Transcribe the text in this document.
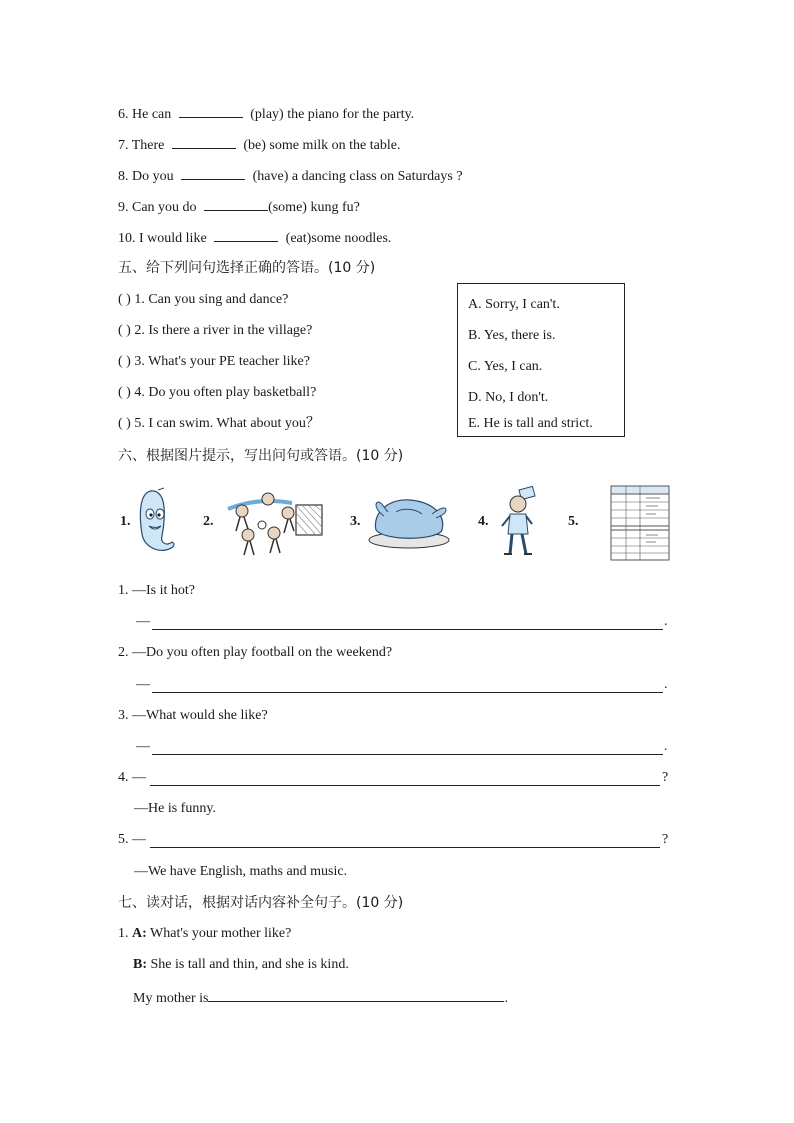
6. He can	(play) the piano for the party.
7. There	(be) some milk on the table.
8. Do you	(have) a dancing class on Saturdays ?
9. Can you do	(some) kung fu?
10. I would like	(eat)some noodles.
五、给下列问句选择正确的答语。(10 分)
( ) 1. Can you sing and dance?
( ) 2. Is there a river in the village?
( ) 3. What's your PE teacher like?
( ) 4. Do you often play basketball?
( ) 5. I can swim. What about you？
A. Sorry, I can't.
B. Yes, there is.
C. Yes, I can.
D. No, I don't.
E. He is tall and strict.
六、根据图片提示，写出问句或答语。(10 分)
1.	2.	3.	4.	5.
1. —Is it hot?
—	.
2. —Do you often play football on the weekend?
—	.
3. —What would she like?
—	.
4. —	?
—He is funny.
5. —	?
—We have English, maths and music.
七、读对话，根据对话内容补全句子。(10 分)
1. A: What's your mother like?
B: She is tall and thin, and she is kind.
My mother is	.
